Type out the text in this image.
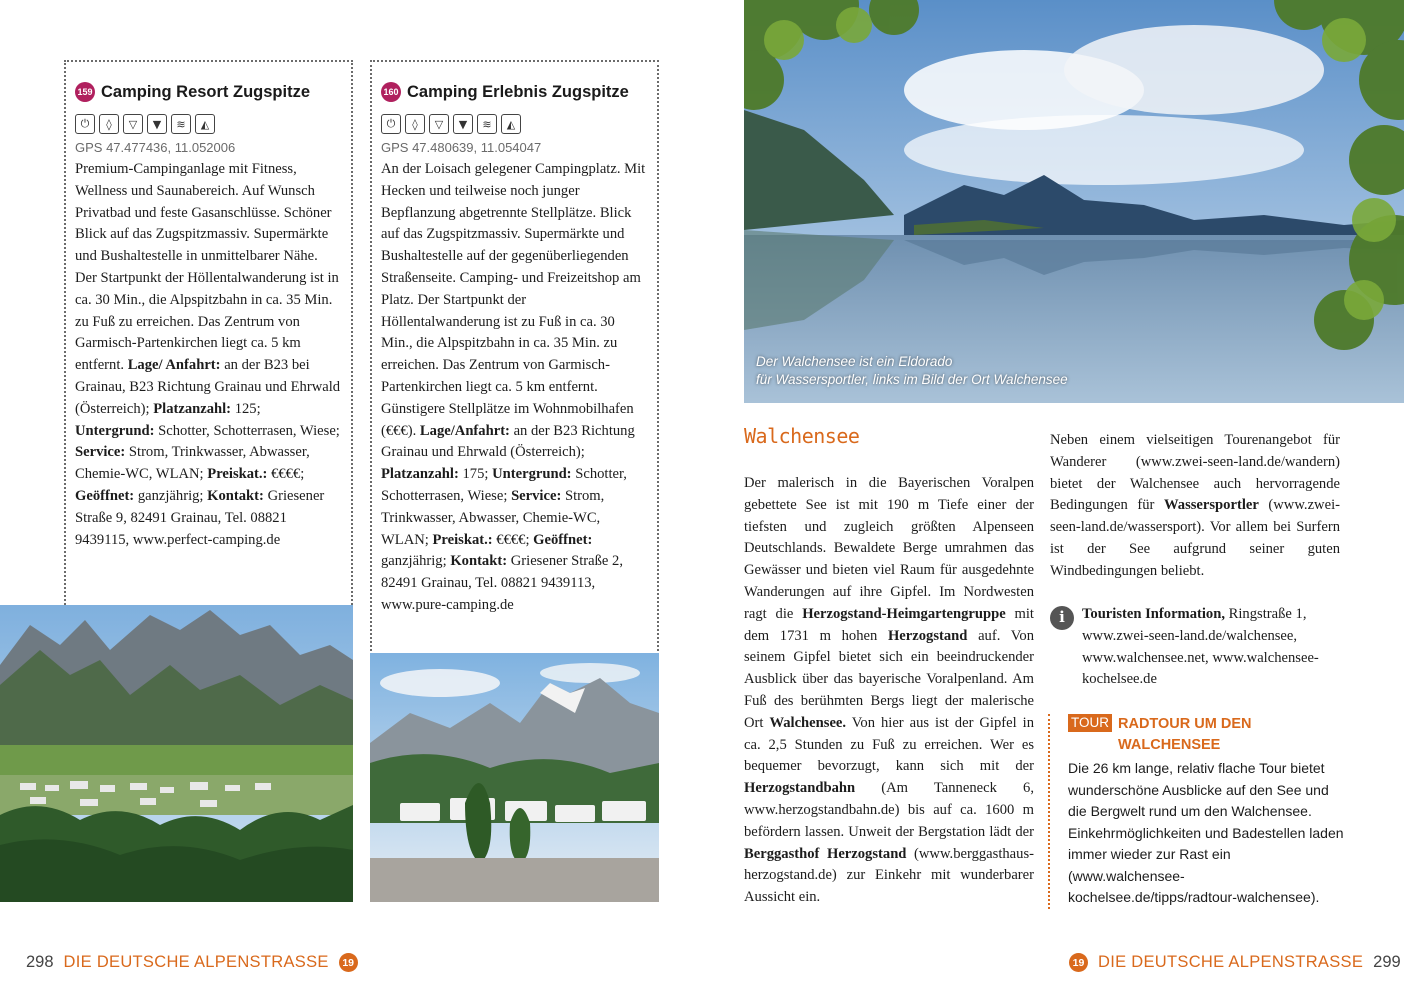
159 Camping Resort Zugspitze
⏻	◊	▽	▼	≋	◭
GPS 47.477436, 11.052006
Premium-Campinganlage mit Fitness, Wellness und Saunabereich. Auf Wunsch Privatbad und feste Gasanschlüsse. Schöner Blick auf das Zugspitzmassiv. Supermärkte und Bushaltestelle in unmittelbarer Nähe. Der Startpunkt der Höllentalwanderung ist in ca. 30 Min., die Alpspitzbahn in ca. 35 Min. zu Fuß zu erreichen. Das Zentrum von Garmisch-Partenkirchen liegt ca. 5 km entfernt. Lage/ Anfahrt: an der B23 bei Grainau, B23 Richtung Grainau und Ehrwald (Österreich); Platzanzahl: 125; Untergrund: Schotter, Schotterrasen, Wiese; Service: Strom, Trinkwasser, Abwasser, Chemie-WC, WLAN; Preiskat.: €€€€; Geöffnet: ganzjährig; Kontakt: Griesener Straße 9, 82491 Grainau, Tel. 08821 9439115, www.perfect-camping.de
160 Camping Erlebnis Zugspitze
⏻	◊	▽	▼	≋	◭
GPS 47.480639, 11.054047
An der Loisach gelegener Campingplatz. Mit Hecken und teilweise noch junger Bepflanzung abgetrennte Stellplätze. Blick auf das Zugspitzmassiv. Supermärkte und Bushaltestelle auf der gegenüberliegenden Straßenseite. Camping- und Freizeitshop am Platz. Der Startpunkt der Höllentalwanderung ist zu Fuß in ca. 30 Min., die Alpspitzbahn in ca. 35 Min. zu erreichen. Das Zentrum von Garmisch-Partenkirchen liegt ca. 5 km entfernt. Günstigere Stellplätze im Wohnmobilhafen (€€€). Lage/Anfahrt: an der B23 Richtung Grainau und Ehrwald (Österreich); Platzanzahl: 175; Untergrund: Schotter, Schotterrasen, Wiese; Service: Strom, Trinkwasser, Abwasser, Chemie-WC, WLAN; Preiskat.: €€€€; Geöffnet: ganzjährig; Kontakt: Griesener Straße 2, 82491 Grainau, Tel. 08821 9439113, www.pure-camping.de
Der Walchensee ist ein Eldorado
für Wassersportler, links im Bild der Ort Walchensee
Walchensee
Der malerisch in die Bayerischen Voralpen gebettete See ist mit 190 m Tiefe einer der tiefsten und zugleich größten Alpenseen Deutschlands. Bewaldete Berge umrahmen das Gewässer und bieten viel Raum für ausgedehnte Wanderungen auf ihre Gipfel. Im Nordwesten ragt die Herzogstand-Heimgartengruppe mit dem 1731 m hohen Herzogstand auf. Von seinem Gipfel bietet sich ein beeindruckender Ausblick über das bayerische Voralpenland. Am Fuß des berühmten Bergs liegt der malerische Ort Walchensee. Von hier aus ist der Gipfel in ca. 2,5 Stunden zu Fuß zu erreichen. Wer es bequemer bevorzugt, kann sich mit der Herzogstandbahn (Am Tanneneck 6, www.herzogstandbahn.de) bis auf ca. 1600 m befördern lassen. Unweit der Bergstation lädt der Berggasthof Herzogstand (www.berggasthaus-herzogstand.de) zur Einkehr mit wunderbarer Aussicht ein.
Neben einem vielseitigen Tourenangebot für Wanderer (www.zwei-seen-land.de/wandern) bietet der Walchensee auch hervorragende Bedingungen für Wassersportler (www.zwei-seen-land.de/wassersport). Vor allem bei Surfern ist der See aufgrund seiner guten Windbedingungen beliebt.
i	Touristen Information, Ringstraße 1, www.zwei-seen-land.de/walchensee, www.walchensee.net, www.walchensee-kochelsee.de
TOUR RADTOUR UM DEN WALCHENSEE
Die 26 km lange, relativ flache Tour bietet wunderschöne Ausblicke auf den See und die Bergwelt rund um den Walchensee. Einkehrmöglichkeiten und Badestellen laden immer wieder zur Rast ein (www.walchensee-kochelsee.de/tipps/radtour-walchensee).
298 DIE DEUTSCHE ALPENSTRASSE	19	19 DIE DEUTSCHE ALPENSTRASSE 299
